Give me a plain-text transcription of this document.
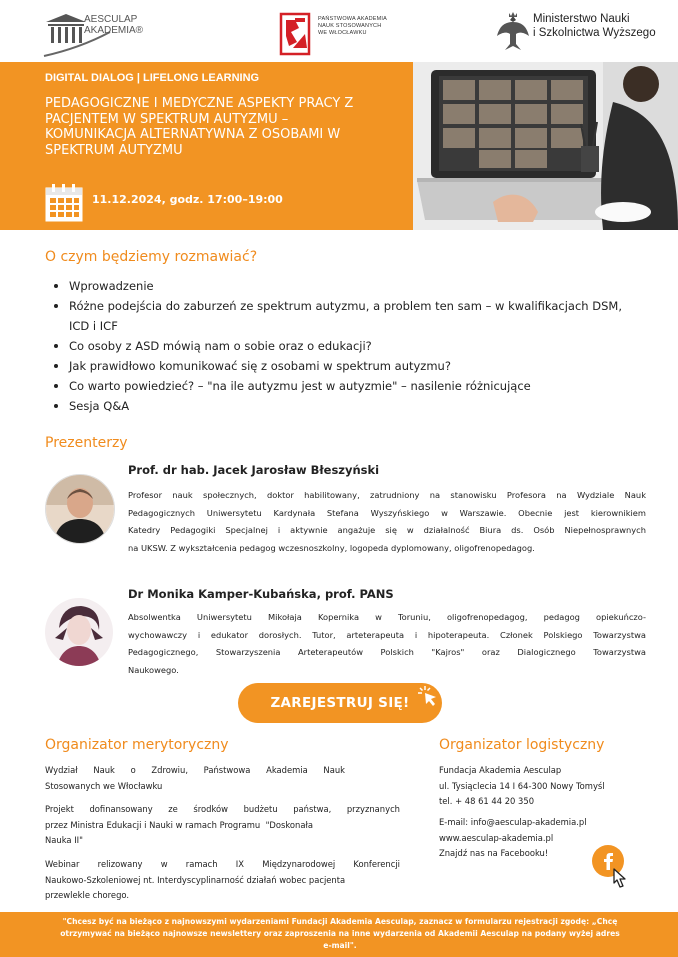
AESCULAP
AKADEMIA®
PAŃSTWOWA AKADEMIA
NAUK STOSOWANYCH
WE WŁOCŁAWKU
Ministerstwo Nauki
i Szkolnictwa Wyższego
DIGITAL DIALOG | LIFELONG LEARNING
PEDAGOGICZNE I MEDYCZNE ASPEKTY PRACY Z
PACJENTEM W SPEKTRUM AUTYZMU –
KOMUNIKACJA ALTERNATYWNA Z OSOBAMI W
SPEKTRUM AUTYZMU
11.12.2024, godz. 17:00–19:00
O czym będziemy rozmawiać?
Wprowadzenie
Różne podejścia do zaburzeń ze spektrum autyzmu, a problem ten sam – w kwalifikacjach DSM, ICD i ICF
Co osoby z ASD mówią nam o sobie oraz o edukacji?
Jak prawidłowo komunikować się z osobami w spektrum autyzmu?
Co warto powiedzieć? – "na ile autyzmu jest w autyzmie" – nasilenie różnicujące
Sesja Q&A
Prezenterzy
Prof. dr hab. Jacek Jarosław Błeszyński
Profesor nauk społecznych, doktor habilitowany, zatrudniony na stanowisku Profesora na Wydziale Nauk
Pedagogicznych Uniwersytetu Kardynała Stefana Wyszyńskiego w Warszawie. Obecnie jest kierownikiem
Katedry Pedagogiki Specjalnej i aktywnie angażuje się w działalność Biura ds. Osób Niepełnosprawnych
na UKSW. Z wykształcenia pedagog wczesnoszkolny, logopeda dyplomowany, oligofrenopedagog.
Dr Monika Kamper-Kubańska, prof. PANS
Absolwentka Uniwersytetu Mikołaja Kopernika w Toruniu, oligofrenopedagog, pedagog opiekuńczo-
wychowawczy i edukator dorosłych. Tutor, arteterapeuta i hipoterapeuta. Członek Polskiego Towarzystwa
Pedagogicznego, Stowarzyszenia Arteterapeutów Polskich "Kajros" oraz Dialogicznego Towarzystwa
Naukowego.
ZAREJESTRUJ SIĘ!
Organizator merytoryczny
Wydział Nauk o Zdrowiu, Państwowa Akademia Nauk
Stosowanych we Włocławku
Projekt dofinansowany ze środków budżetu państwa, przyznanych
przez Ministra Edukacji i Nauki w ramach Programu  "Doskonała
Nauka II"
Webinar relizowany w ramach IX Międzynarodowej Konferencji
Naukowo-Szkoleniowej nt. Interdyscyplinarność działań wobec pacjenta
przewlekle chorego.
Organizator logistyczny
Fundacja Akademia Aesculap
ul. Tysiąclecia 14 I 64-300 Nowy Tomyśl
tel. + 48 61 44 20 350
E-mail: info@aesculap-akademia.pl
www.aesculap-akademia.pl
Znajdź nas na Facebooku!
"Chcesz być na bieżąco z najnowszymi wydarzeniami Fundacji Akademia Aesculap, zaznacz w formularzu rejestracji zgodę: „Chcę
otrzymywać na bieżąco najnowsze newslettery oraz zaproszenia na inne wydarzenia od Akademii Aesculap na podany wyżej adres
e-mail".
